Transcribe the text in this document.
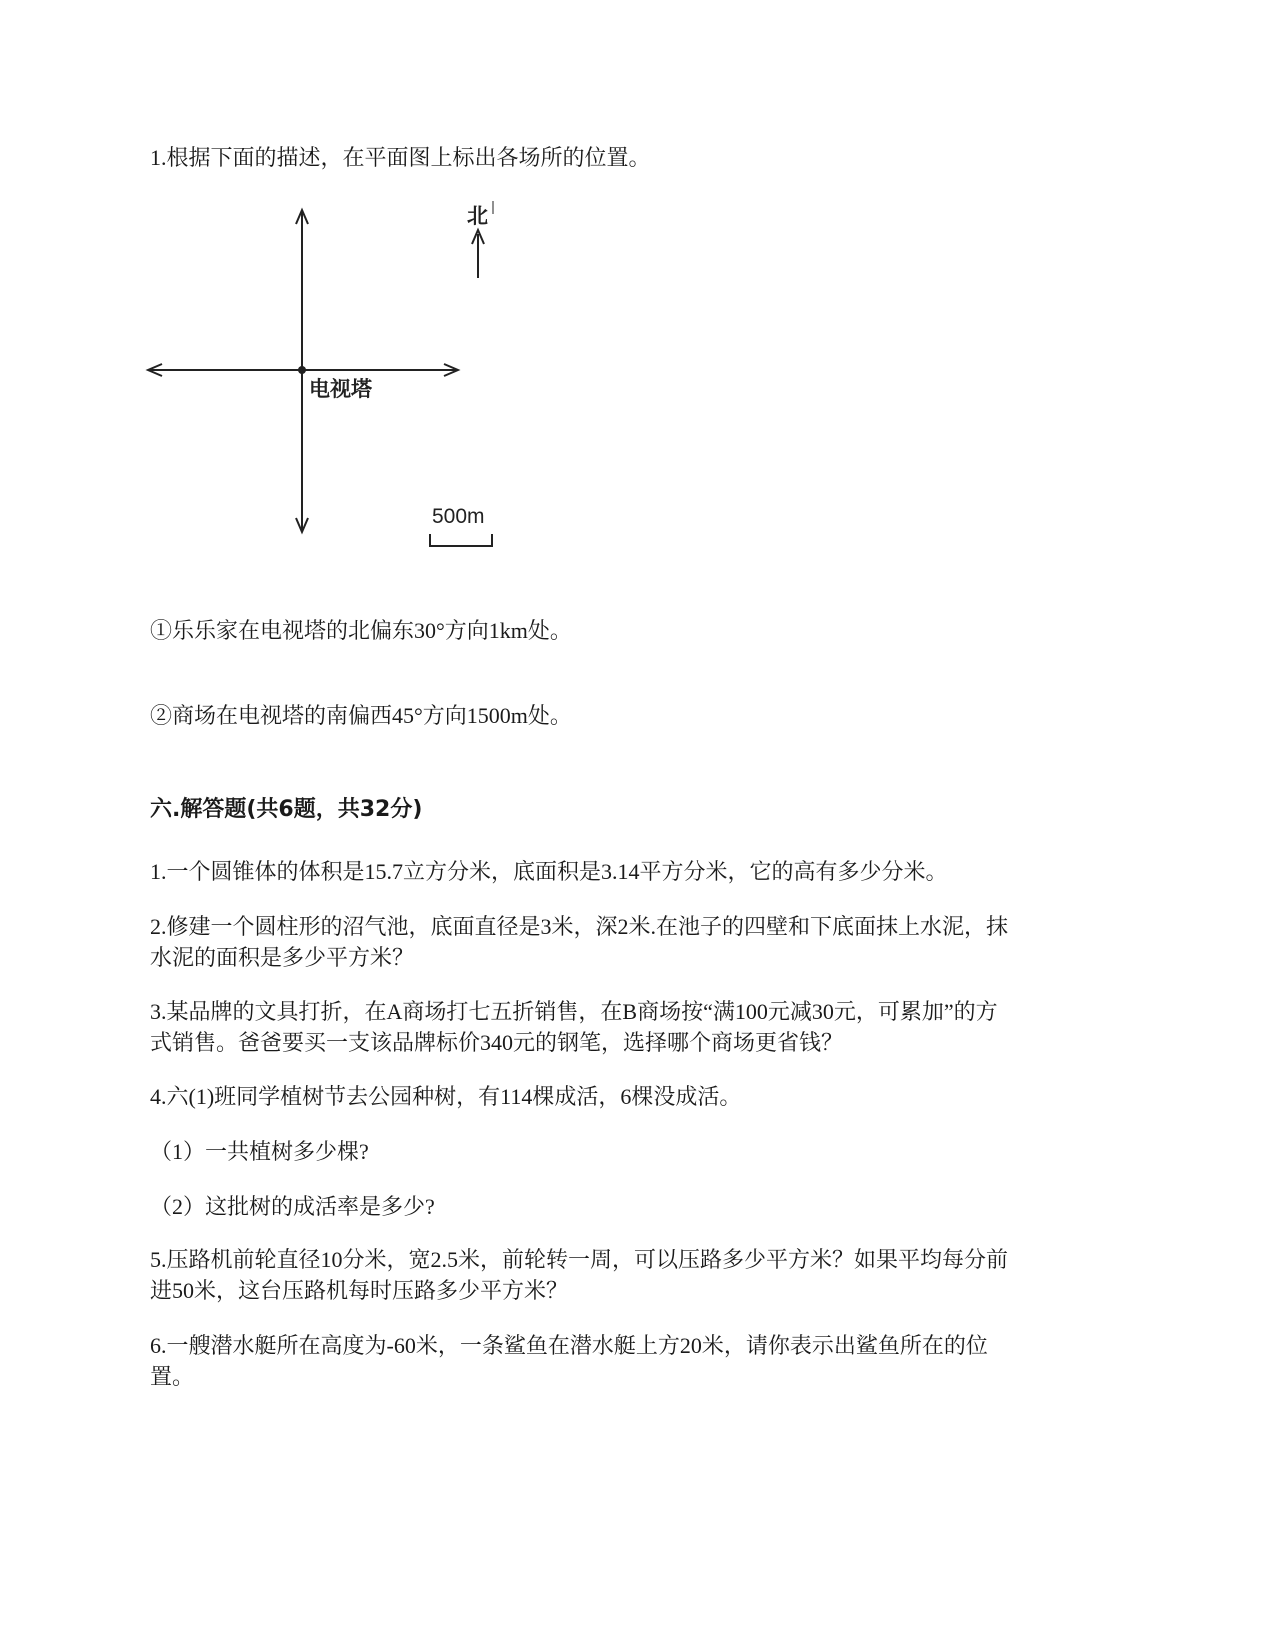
1.根据下面的描述，在平面图上标出各场所的位置。
北
电视塔
500m
①乐乐家在电视塔的北偏东30°方向1km处。
②商场在电视塔的南偏西45°方向1500m处。
六.解答题(共6题，共32分)
1.一个圆锥体的体积是15.7立方分米，底面积是3.14平方分米，它的高有多少分米。
2.修建一个圆柱形的沼气池，底面直径是3米，深2米.在池子的四壁和下底面抹上水泥，抹
水泥的面积是多少平方米？
3.某品牌的文具打折，在A商场打七五折销售，在B商场按“满100元减30元，可累加”的方
式销售。爸爸要买一支该品牌标价340元的钢笔，选择哪个商场更省钱？
4.六(1)班同学植树节去公园种树，有114棵成活，6棵没成活。
（1）一共植树多少棵?
（2）这批树的成活率是多少?
5.压路机前轮直径10分米，宽2.5米，前轮转一周，可以压路多少平方米？如果平均每分前
进50米，这台压路机每时压路多少平方米？
6.一艘潜水艇所在高度为-60米，一条鲨鱼在潜水艇上方20米，请你表示出鲨鱼所在的位
置。
